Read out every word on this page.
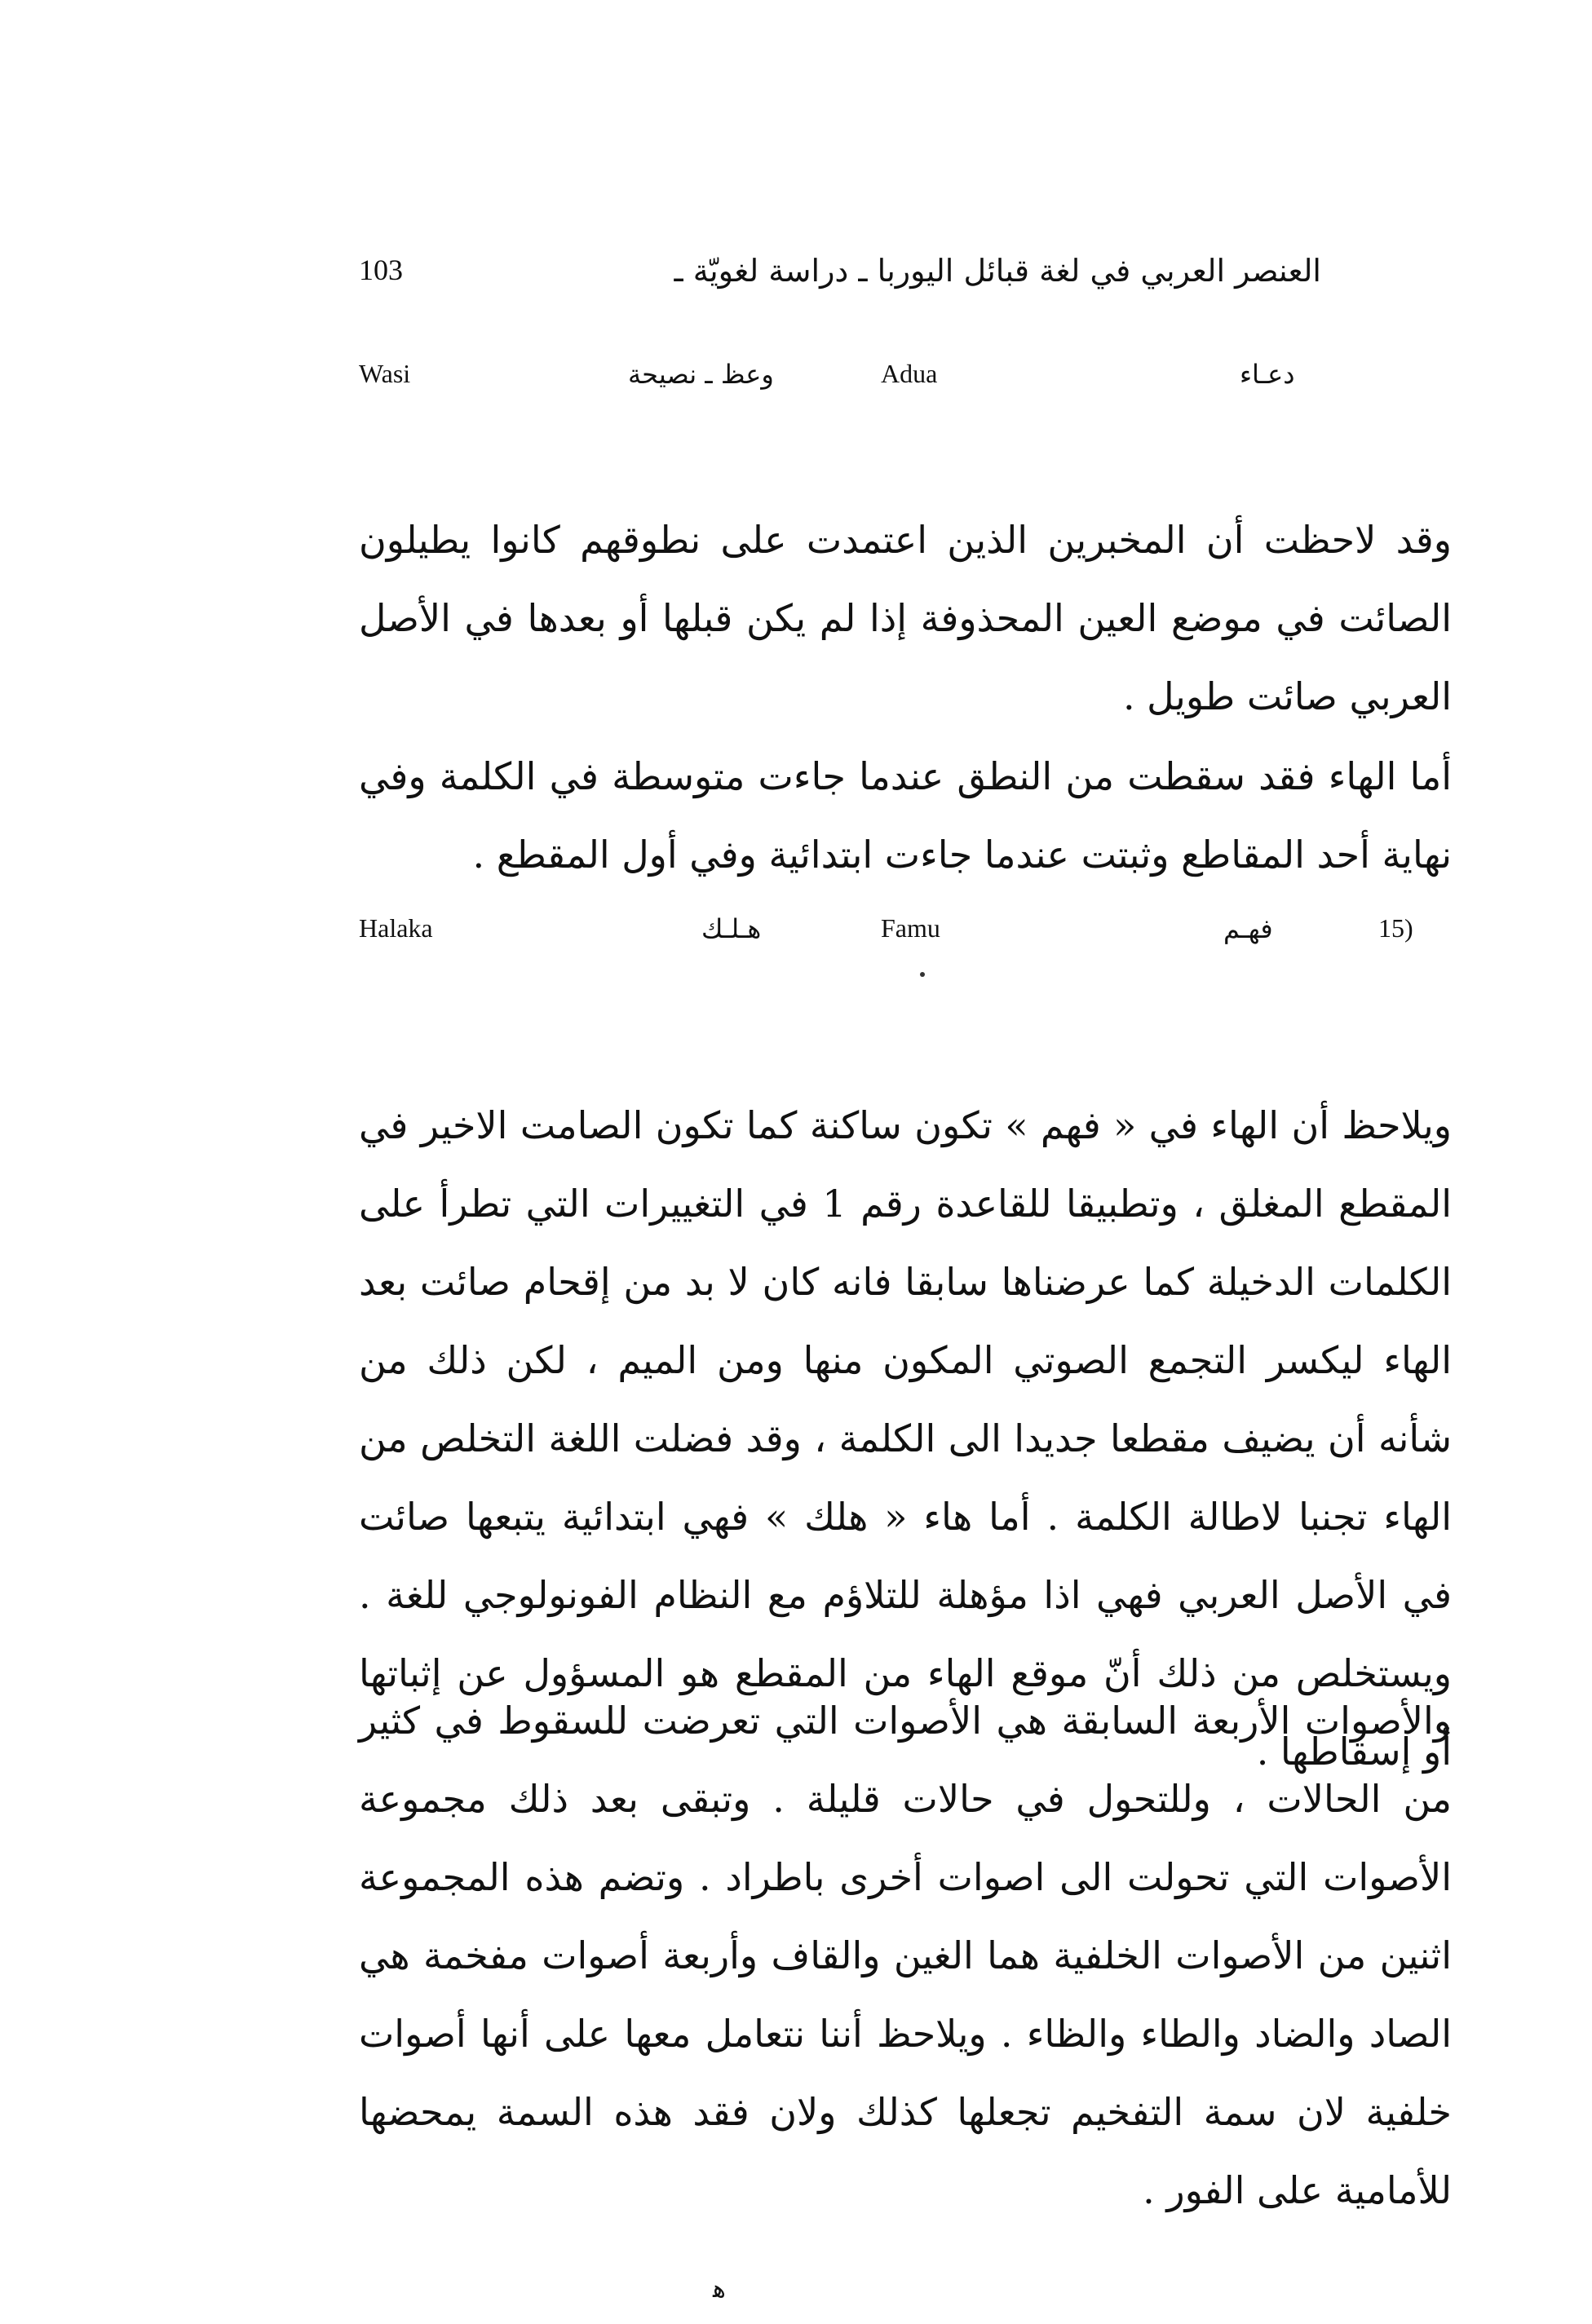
103	العنصر العربي في لغة قبائل اليوربا ـ دراسة لغويّة ـ
Wasi	وعظ ـ نصيحة	Adua	دعـاء

وقد لاحظت أن المخبرين الذين اعتمدت على نطوقهم كانوا يطيلون الصائت في موضع العين المحذوفة إذا لم يكن قبلها أو بعدها في الأصل العربي صائت طويل .

أما الهاء فقد سقطت من النطق عندما جاءت متوسطة في الكلمة وفي نهاية أحد المقاطع وثبتت عندما جاءت ابتدائية وفي أول المقطع .

Halaka	هـلـك	Famu	فهـم	15)

ويلاحظ أن الهاء في « فهم » تكون ساكنة كما تكون الصامت الاخير في المقطع المغلق ، وتطبيقا للقاعدة رقم 1 في التغييرات التي تطرأ على الكلمات الدخيلة كما عرضناها سابقا فانه كان لا بد من إقحام صائت بعد الهاء ليكسر التجمع الصوتي المكون منها ومن الميم ، لكن ذلك من شأنه أن يضيف مقطعا جديدا الى الكلمة ، وقد فضلت اللغة التخلص من الهاء تجنبا لاطالة الكلمة . أما هاء « هلك » فهي ابتدائية يتبعها صائت في الأصل العربي فهي اذا مؤهلة للتلاؤم مع النظام الفونولوجي للغة . ويستخلص من ذلك أنّ موقع الهاء من المقطع هو المسؤول عن إثباتها أو إسقاطها .

والأصوات الأربعة السابقة هي الأصوات التي تعرضت للسقوط في كثير من الحالات ، وللتحول في حالات قليلة . وتبقى بعد ذلك مجموعة الأصوات التي تحولت الى اصوات أخرى باطراد . وتضم هذه المجموعة اثنين من الأصوات الخلفية هما الغين والقاف وأربعة أصوات مفخمة هي الصاد والضاد والطاء والظاء . ويلاحظ أننا نتعامل معها على أنها أصوات خلفية لان سمة التفخيم تجعلها كذلك ولان فقد هذه السمة يمحضها للأمامية على الفور .

ﻫ
